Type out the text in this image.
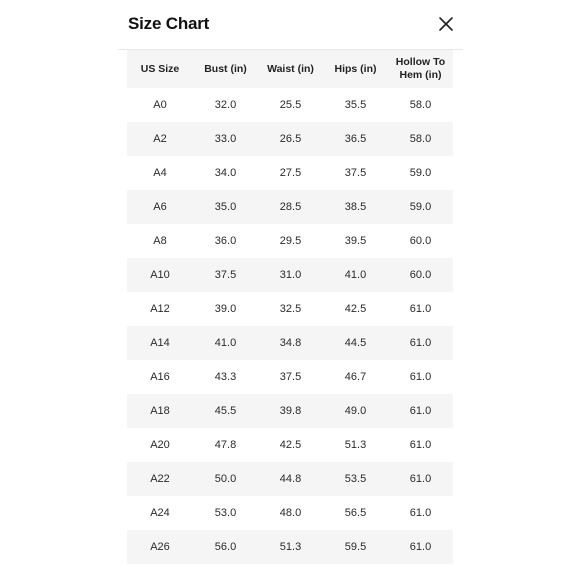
Size Chart
US Size	Bust (in)	Waist (in)	Hips (in)	Hollow To Hem (in)
A0	32.0	25.5	35.5	58.0
A2	33.0	26.5	36.5	58.0
A4	34.0	27.5	37.5	59.0
A6	35.0	28.5	38.5	59.0
A8	36.0	29.5	39.5	60.0
A10	37.5	31.0	41.0	60.0
A12	39.0	32.5	42.5	61.0
A14	41.0	34.8	44.5	61.0
A16	43.3	37.5	46.7	61.0
A18	45.5	39.8	49.0	61.0
A20	47.8	42.5	51.3	61.0
A22	50.0	44.8	53.5	61.0
A24	53.0	48.0	56.5	61.0
A26	56.0	51.3	59.5	61.0
